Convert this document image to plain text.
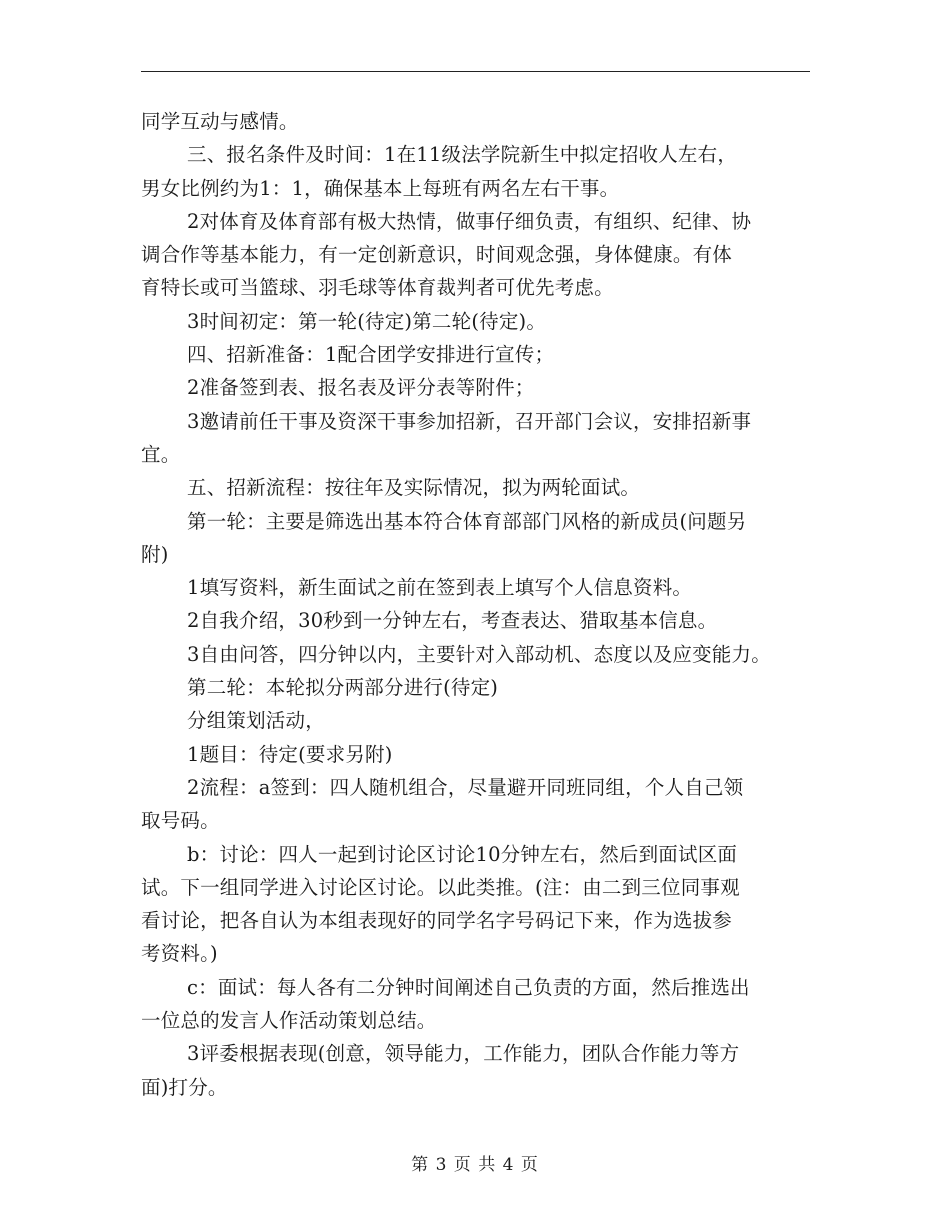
同学互动与感情。
三、报名条件及时间：1在11级法学院新生中拟定招收人左右，
男女比例约为1：1，确保基本上每班有两名左右干事。
2对体育及体育部有极大热情，做事仔细负责，有组织、纪律、协
调合作等基本能力，有一定创新意识，时间观念强，身体健康。有体
育特长或可当篮球、羽毛球等体育裁判者可优先考虑。
3时间初定：第一轮(待定)第二轮(待定)。
四、招新准备：1配合团学安排进行宣传；
2准备签到表、报名表及评分表等附件；
3邀请前任干事及资深干事参加招新，召开部门会议，安排招新事
宜。
五、招新流程：按往年及实际情况，拟为两轮面试。
第一轮：主要是筛选出基本符合体育部部门风格的新成员(问题另
附)
1填写资料，新生面试之前在签到表上填写个人信息资料。
2自我介绍，30秒到一分钟左右，考查表达、猎取基本信息。
3自由问答，四分钟以内，主要针对入部动机、态度以及应变能力。
第二轮：本轮拟分两部分进行(待定)
分组策划活动，
1题目：待定(要求另附)
2流程：a签到：四人随机组合，尽量避开同班同组，个人自己领
取号码。
b：讨论：四人一起到讨论区讨论10分钟左右，然后到面试区面
试。下一组同学进入讨论区讨论。以此类推。(注：由二到三位同事观
看讨论，把各自认为本组表现好的同学名字号码记下来，作为选拔参
考资料。)
c：面试：每人各有二分钟时间阐述自己负责的方面，然后推选出
一位总的发言人作活动策划总结。
3评委根据表现(创意，领导能力，工作能力，团队合作能力等方
面)打分。
第 3 页 共 4 页
